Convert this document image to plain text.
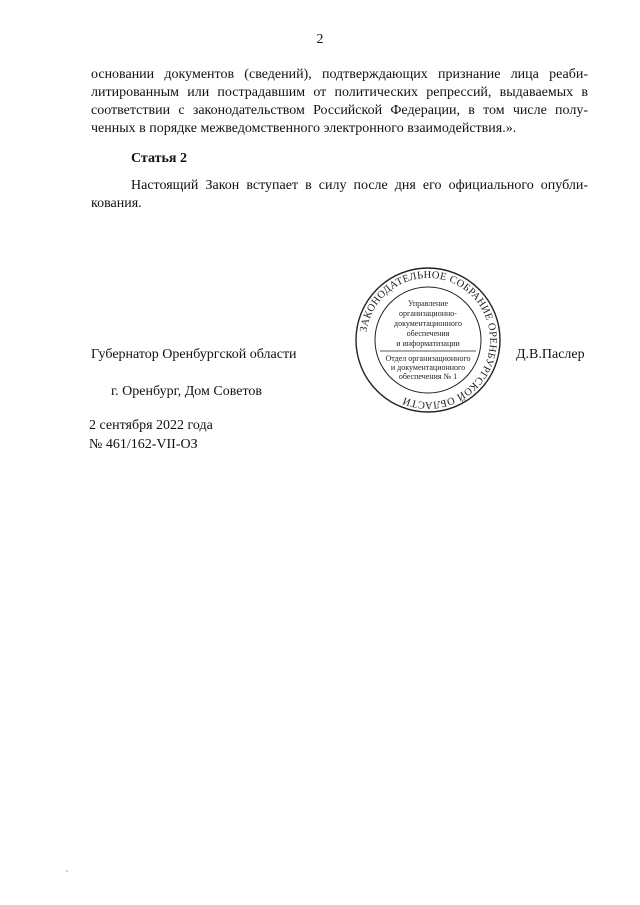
2

основании документов (сведений), подтверждающих признание лица реаби- литированным или пострадавшим от политических репрессий, выдаваемых в соответствии с законодательством Российской Федерации, в том числе полу- ченных в порядке межведомственного электронного взаимодействия.».

Статья 2

Настоящий Закон вступает в силу после дня его официального опубли- кования.

ЗАКОНОДАТЕЛЬНОЕ СОБРАНИЕ ОРЕНБУРГСКОЙ ОБЛАСТИ
Управление
организационно-
документационного
обеспечения
и информатизации
Отдел организационного
и документационного
обеспечения № 1
Губернатор Оренбургской области	Д.В.Паслер
г. Оренбург, Дом Советов
2 сентября 2022 года
№ 461/162-VII-ОЗ
